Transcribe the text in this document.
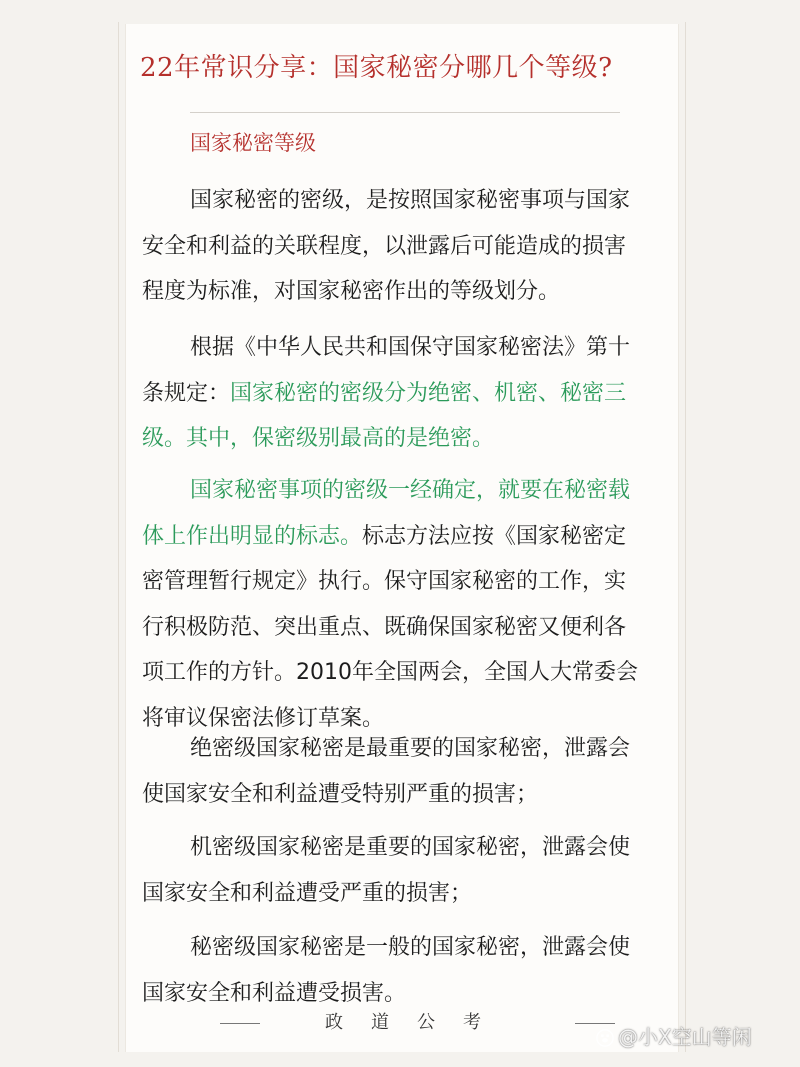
22年常识分享：国家秘密分哪几个等级?
国家秘密等级
国家秘密的密级，是按照国家秘密事项与国家
安全和利益的关联程度，以泄露后可能造成的损害
程度为标准，对国家秘密作出的等级划分。
根据《中华人民共和国保守国家秘密法》第十
条规定：国家秘密的密级分为绝密、机密、秘密三
级。其中，保密级别最高的是绝密。
国家秘密事项的密级一经确定，就要在秘密载
体上作出明显的标志。标志方法应按《国家秘密定
密管理暂行规定》执行。保守国家秘密的工作，实
行积极防范、突出重点、既确保国家秘密又便利各
项工作的方针。2010年全国两会，全国人大常委会
将审议保密法修订草案。
绝密级国家秘密是最重要的国家秘密，泄露会
使国家安全和利益遭受特别严重的损害；
机密级国家秘密是重要的国家秘密，泄露会使
国家安全和利益遭受严重的损害；
秘密级国家秘密是一般的国家秘密，泄露会使
国家安全和利益遭受损害。
政道公考
@小X空山等闲
